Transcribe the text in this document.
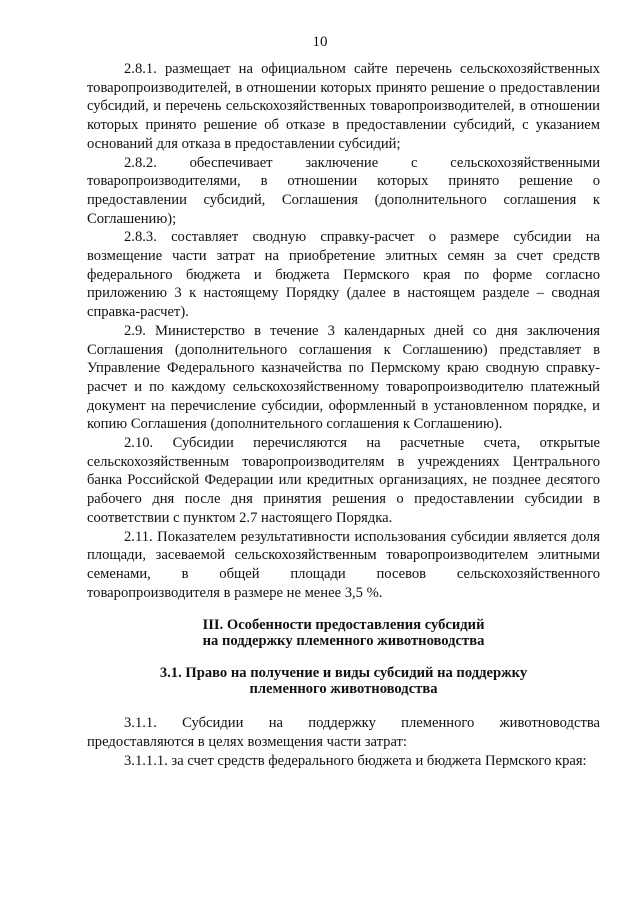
10

2.8.1. размещает на официальном сайте перечень сельскохозяйственных товаропроизводителей, в отношении которых принято решение о предоставлении субсидий, и перечень сельскохозяйственных товаропроизводителей, в отношении которых принято решение об отказе в предоставлении субсидий, с указанием оснований для отказа в предоставлении субсидий;

2.8.2. обеспечивает заключение с сельскохозяйственными товаропроизводителями, в отношении которых принято решение о предоставлении субсидий, Соглашения (дополнительного соглашения к Соглашению);

2.8.3. составляет сводную справку-расчет о размере субсидии на возмещение части затрат на приобретение элитных семян за счет средств федерального бюджета и бюджета Пермского края по форме согласно приложению 3 к настоящему Порядку (далее в настоящем разделе – сводная справка-расчет).

2.9. Министерство в течение 3 календарных дней со дня заключения Соглашения (дополнительного соглашения к Соглашению) представляет в Управление Федерального казначейства по Пермскому краю сводную справку-расчет и по каждому сельскохозяйственному товаропроизводителю платежный документ на перечисление субсидии, оформленный в установленном порядке, и копию Соглашения (дополнительного соглашения к Соглашению).

2.10. Субсидии перечисляются на расчетные счета, открытые сельскохозяйственным товаропроизводителям в учреждениях Центрального банка Российской Федерации или кредитных организациях, не позднее десятого рабочего дня после дня принятия решения о предоставлении субсидии в соответствии с пунктом 2.7 настоящего Порядка.

2.11. Показателем результативности использования субсидии является доля площади, засеваемой сельскохозяйственным товаропроизводителем элитными семенами, в общей площади посевов сельскохозяйственного товаропроизводителя в размере не менее 3,5 %.

III. Особенности предоставления субсидий
на поддержку племенного животноводства
3.1. Право на получение и виды субсидий на поддержку
племенного животноводства

3.1.1. Субсидии на поддержку племенного животноводства предоставляются в целях возмещения части затрат:

3.1.1.1. за счет средств федерального бюджета и бюджета Пермского края:
